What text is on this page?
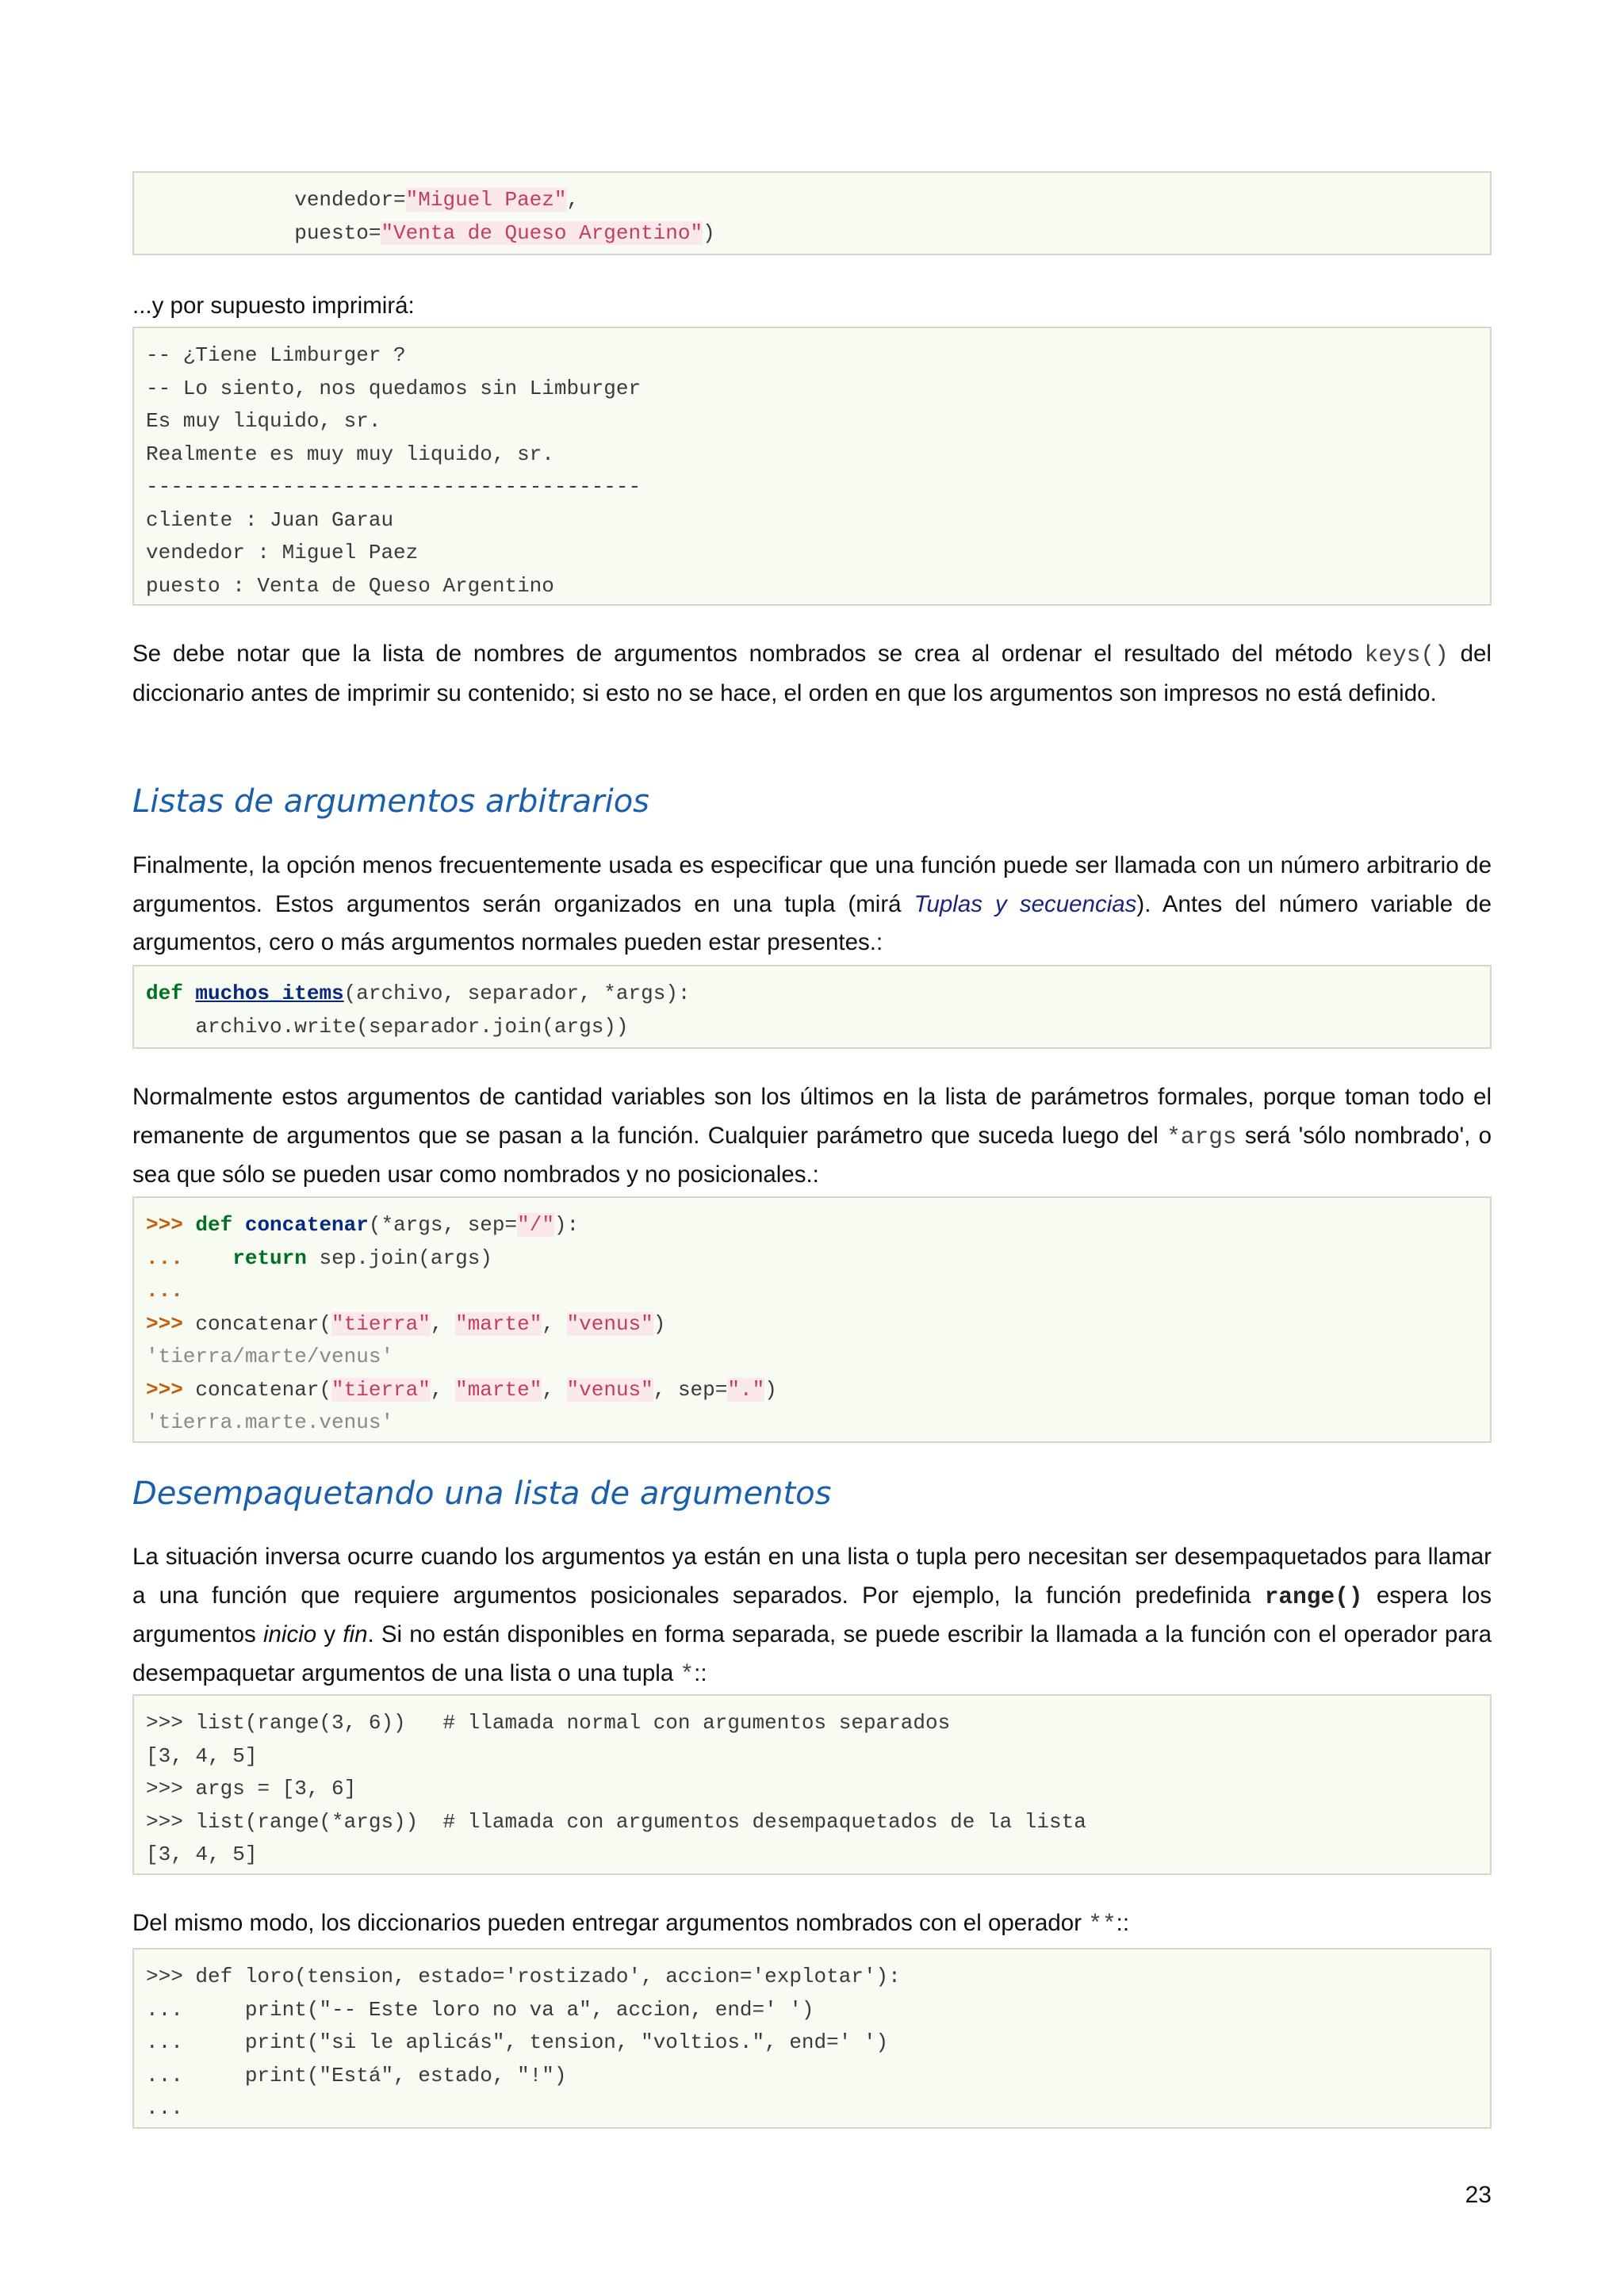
vendedor="Miguel Paez",
puesto="Venta de Queso Argentino")

...y por supuesto imprimirá:

-- ¿Tiene Limburger ?
-- Lo siento, nos quedamos sin Limburger
Es muy liquido, sr.
Realmente es muy muy liquido, sr.
----------------------------------------
cliente : Juan Garau
vendedor : Miguel Paez
puesto : Venta de Queso Argentino

Se debe notar que la lista de nombres de argumentos nombrados se crea al ordenar el resultado del método keys() del diccionario antes de imprimir su contenido; si esto no se hace, el orden en que los argumentos son impresos no está definido.

Listas de argumentos arbitrarios

Finalmente, la opción menos frecuentemente usada es especificar que una función puede ser llamada con un número arbitrario de argumentos. Estos argumentos serán organizados en una tupla (mirá Tuplas y secuencias). Antes del número variable de argumentos, cero o más argumentos normales pueden estar presentes.:

def muchos_items(archivo, separador, *args):
archivo.write(separador.join(args))

Normalmente estos argumentos de cantidad variables son los últimos en la lista de parámetros formales, porque toman todo el remanente de argumentos que se pasan a la función. Cualquier parámetro que suceda luego del *args será 'sólo nombrado', o sea que sólo se pueden usar como nombrados y no posicionales.:

>>> def concatenar(*args, sep="/"):
... return sep.join(args)
...
>>> concatenar("tierra", "marte", "venus")
'tierra/marte/venus'
>>> concatenar("tierra", "marte", "venus", sep=".")
'tierra.marte.venus'
Desempaquetando una lista de argumentos

La situación inversa ocurre cuando los argumentos ya están en una lista o tupla pero necesitan ser desempaquetados para llamar a una función que requiere argumentos posicionales separados. Por ejemplo, la función predefinida range() espera los argumentos inicio y fin. Si no están disponibles en forma separada, se puede escribir la llamada a la función con el operador para desempaquetar argumentos de una lista o una tupla *::

>>> list(range(3, 6))   # llamada normal con argumentos separados
[3, 4, 5]
>>> args = [3, 6]
>>> list(range(*args))  # llamada con argumentos desempaquetados de la lista
[3, 4, 5]

Del mismo modo, los diccionarios pueden entregar argumentos nombrados con el operador **::

>>> def loro(tension, estado='rostizado', accion='explotar'):
...     print("-- Este loro no va a", accion, end=' ')
...     print("si le aplicás", tension, "voltios.", end=' ')
...     print("Está", estado, "!")
...
23
